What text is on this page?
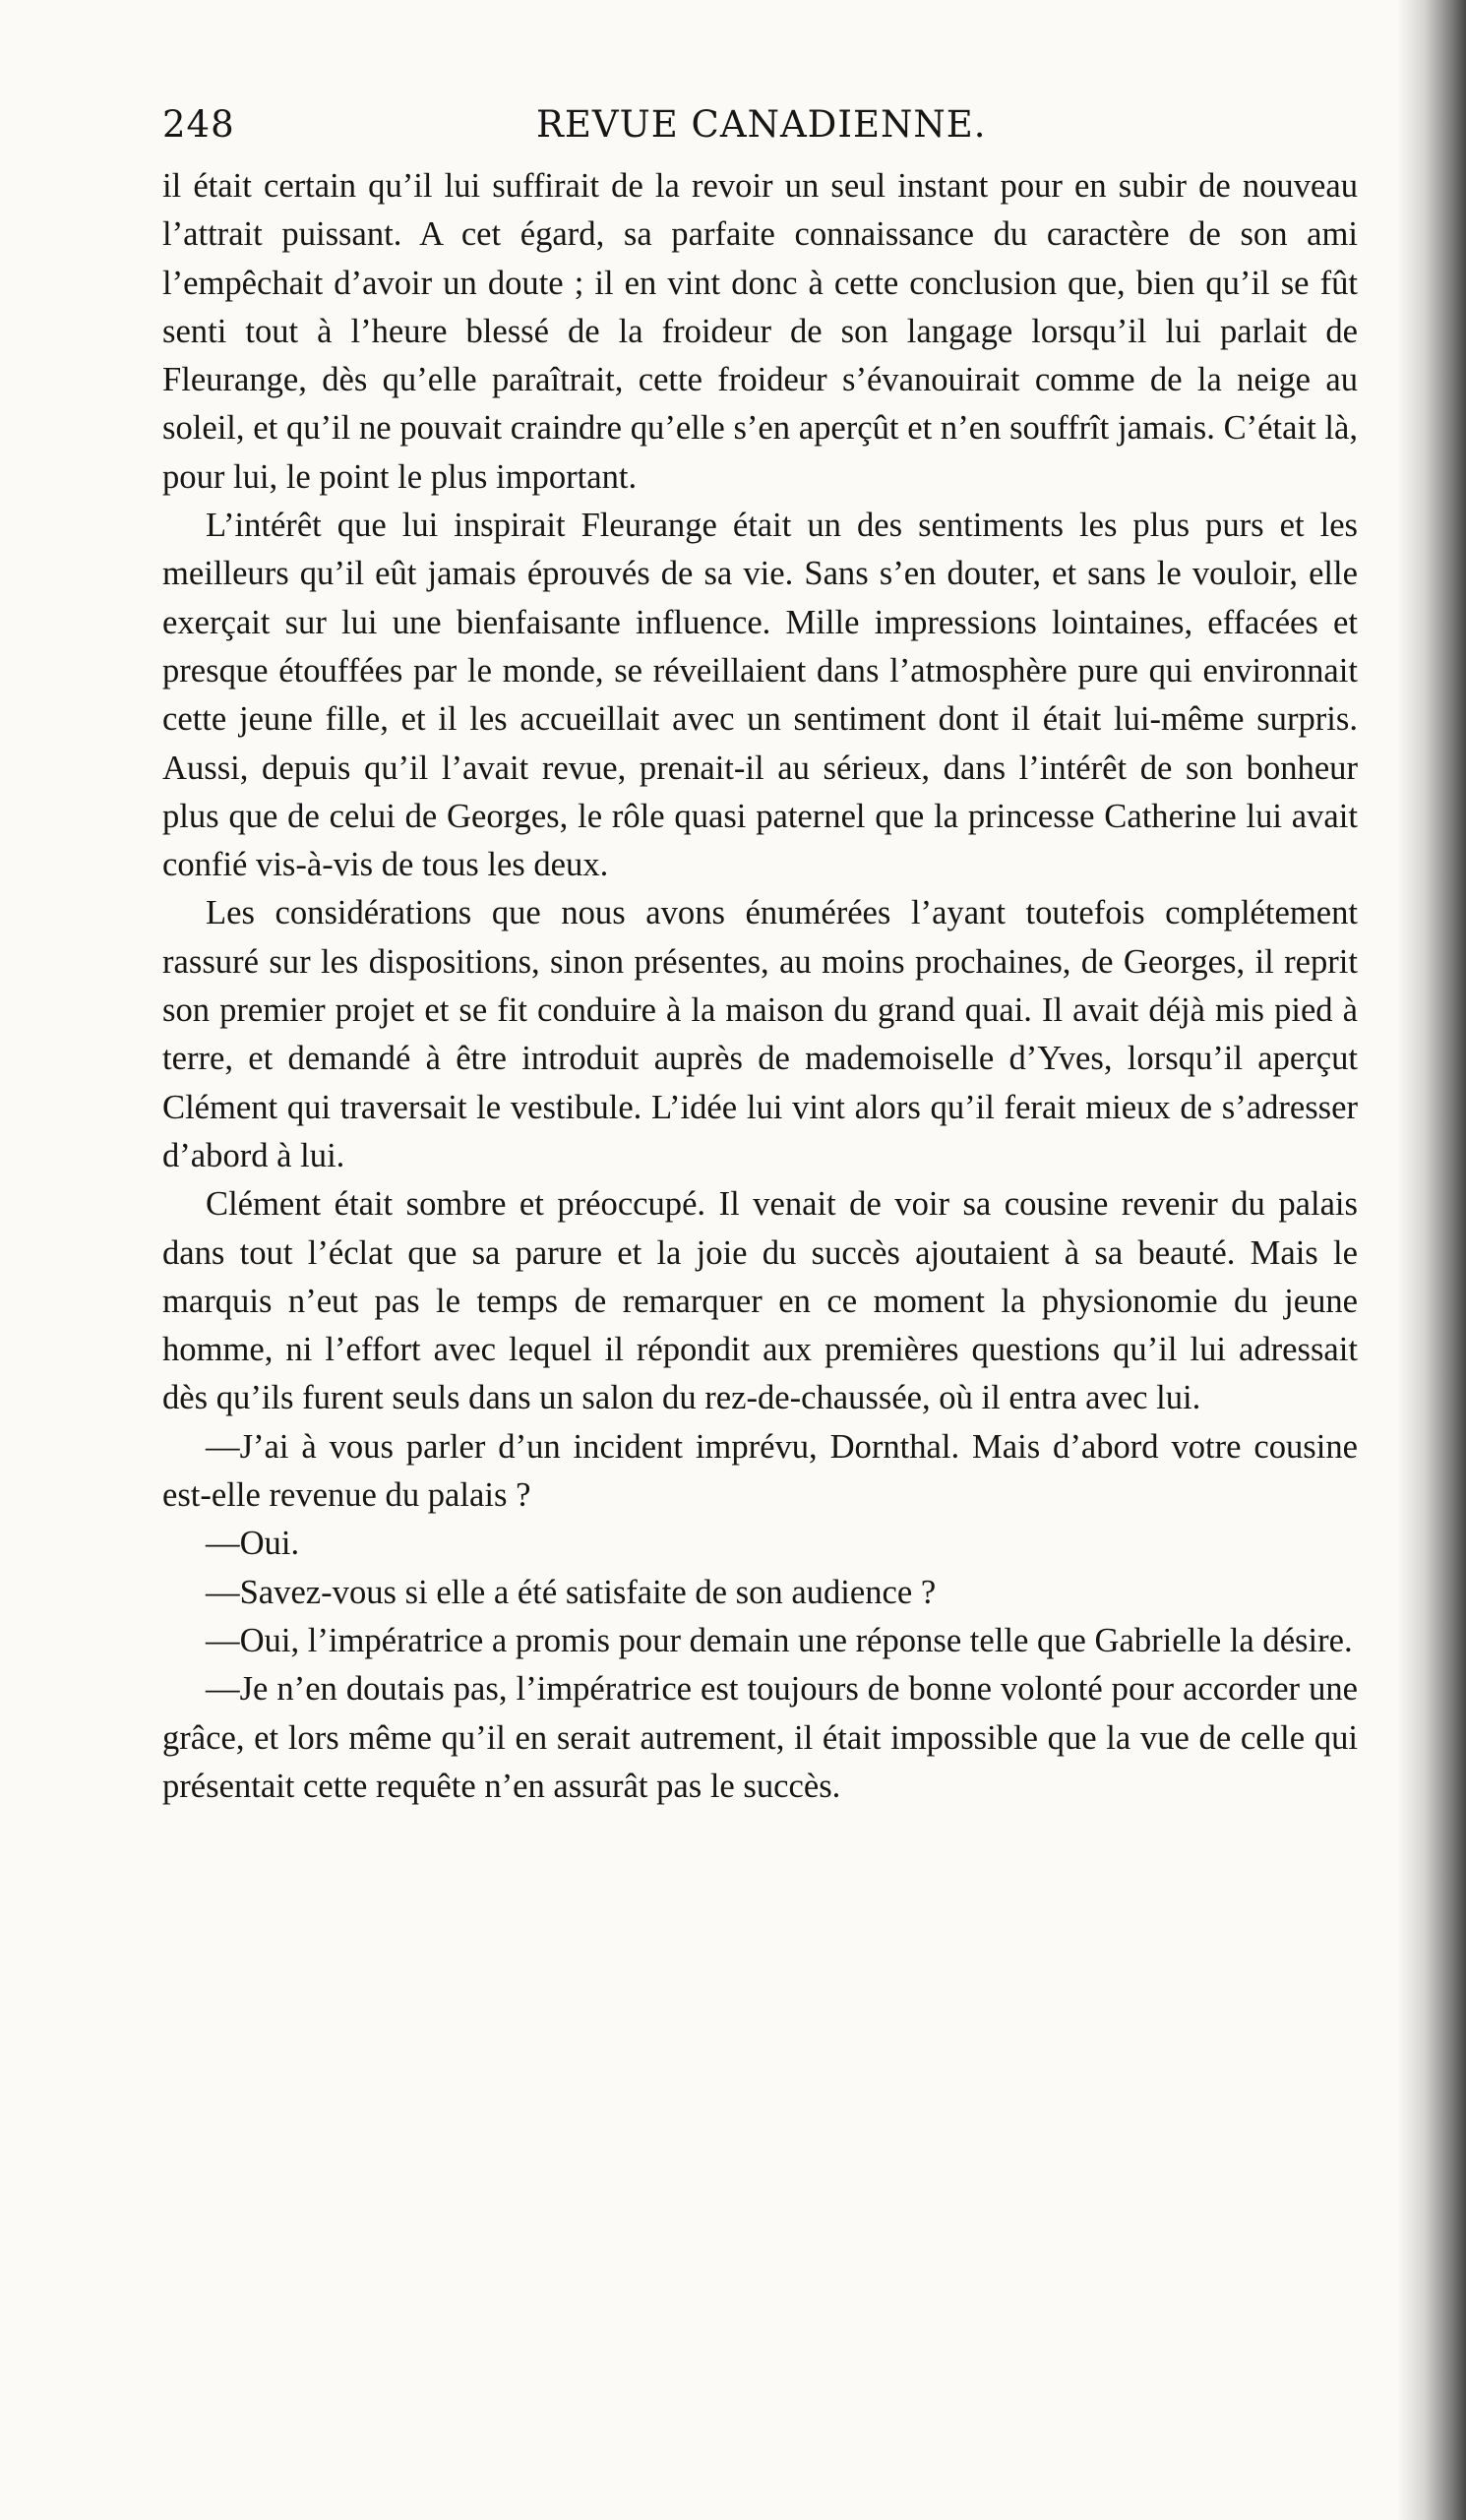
248	REVUE CANADIENNE.

il était certain qu’il lui suffirait de la revoir un seul instant pour en subir de nouveau l’attrait puissant. A cet égard, sa parfaite connaissance du caractère de son ami l’empêchait d’avoir un doute ; il en vint donc à cette conclusion que, bien qu’il se fût senti tout à l’heure blessé de la froideur de son langage lorsqu’il lui parlait de Fleurange, dès qu’elle paraîtrait, cette froideur s’évanouirait comme de la neige au soleil, et qu’il ne pouvait craindre qu’elle s’en aperçût et n’en souffrît jamais. C’était là, pour lui, le point le plus important.

L’intérêt que lui inspirait Fleurange était un des sentiments les plus purs et les meilleurs qu’il eût jamais éprouvés de sa vie. Sans s’en douter, et sans le vouloir, elle exerçait sur lui une bienfaisante influence. Mille impressions lointaines, effacées et presque étouffées par le monde, se réveillaient dans l’atmosphère pure qui environnait cette jeune fille, et il les accueillait avec un sentiment dont il était lui-même surpris. Aussi, depuis qu’il l’avait revue, prenait-il au sérieux, dans l’intérêt de son bonheur plus que de celui de Georges, le rôle quasi paternel que la princesse Catherine lui avait confié vis-à-vis de tous les deux.

Les considérations que nous avons énumérées l’ayant toutefois complétement rassuré sur les dispositions, sinon présentes, au moins prochaines, de Georges, il reprit son premier projet et se fit conduire à la maison du grand quai. Il avait déjà mis pied à terre, et demandé à être introduit auprès de mademoiselle d’Yves, lorsqu’il aperçut Clément qui traversait le vestibule. L’idée lui vint alors qu’il ferait mieux de s’adresser d’abord à lui.

Clément était sombre et préoccupé. Il venait de voir sa cousine revenir du palais dans tout l’éclat que sa parure et la joie du succès ajoutaient à sa beauté. Mais le marquis n’eut pas le temps de remarquer en ce moment la physionomie du jeune homme, ni l’effort avec lequel il répondit aux premières questions qu’il lui adressait dès qu’ils furent seuls dans un salon du rez-de-chaussée, où il entra avec lui.

—J’ai à vous parler d’un incident imprévu, Dornthal. Mais d’abord votre cousine est-elle revenue du palais ?

—Oui.

—Savez-vous si elle a été satisfaite de son audience ?

—Oui, l’impératrice a promis pour demain une réponse telle que Gabrielle la désire.

—Je n’en doutais pas, l’impératrice est toujours de bonne volonté pour accorder une grâce, et lors même qu’il en serait autrement, il était impossible que la vue de celle qui présentait cette requête n’en assurât pas le succès.
